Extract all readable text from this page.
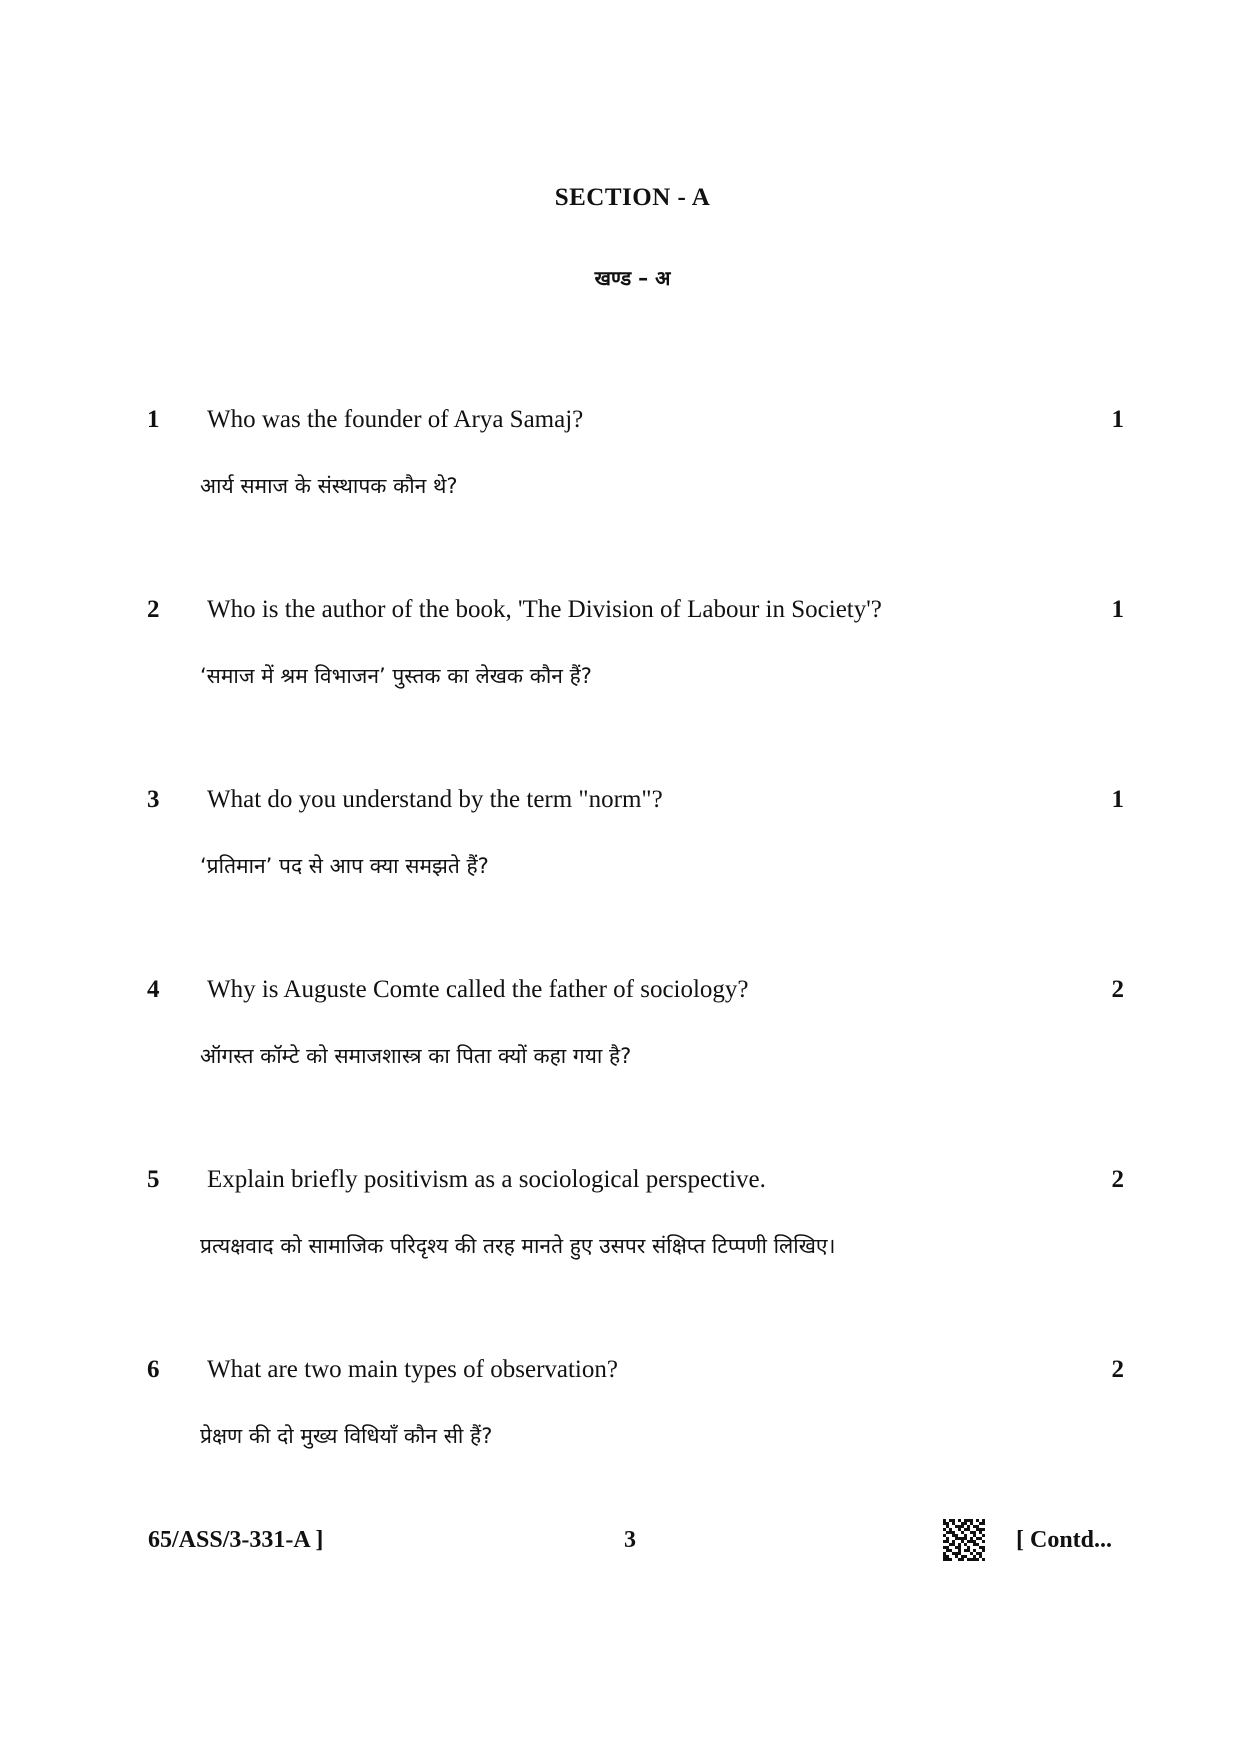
SECTION - A
खण्ड – अ
1 Who was the founder of Arya Samaj?	1
आर्य समाज के संस्थापक कौन थे?
2 Who is the author of the book, 'The Division of Labour in Society'?	1
‘समाज में श्रम विभाजन’ पुस्तक का लेखक कौन हैं?
3 What do you understand by the term "norm"?	1
‘प्रतिमान’ पद से आप क्या समझते हैं?
4 Why is Auguste Comte called the father of sociology?	2
ऑगस्त कॉम्टे को समाजशास्त्र का पिता क्यों कहा गया है?
5 Explain briefly positivism as a sociological perspective.	2
प्रत्यक्षवाद को सामाजिक परिदृश्य की तरह मानते हुए उसपर संक्षिप्त टिप्पणी लिखिए।
6 What are two main types of observation?	2
प्रेक्षण की दो मुख्य विधियाँ कौन सी हैं?
65/ASS/3-331-A ]	3	[ Contd...
